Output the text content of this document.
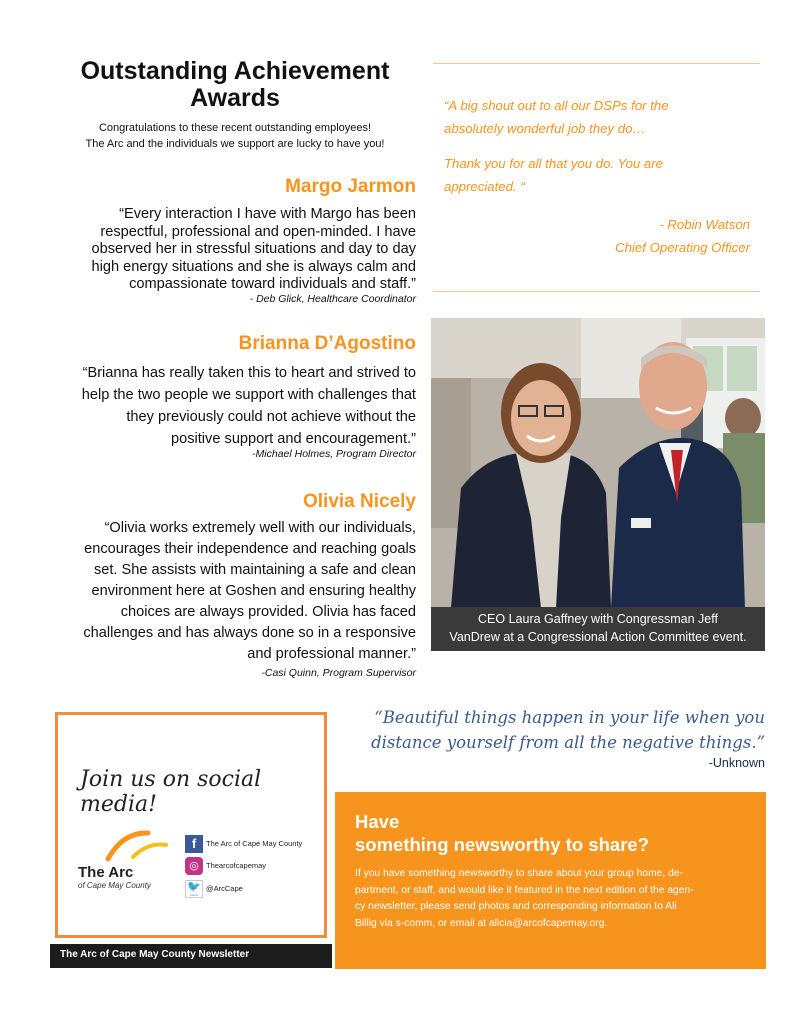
Outstanding Achievement
Awards
Congratulations to these recent outstanding employees!
The Arc and the individuals we support are lucky to have you!
Margo Jarmon
“Every interaction I have with Margo has been
respectful, professional and open-minded. I have
observed her in stressful situations and day to day
high energy situations and she is always calm and
compassionate toward individuals and staff.”
- Deb Glick, Healthcare Coordinator
Brianna D’Agostino
“Brianna has really taken this to heart and strived to
help the two people we support with challenges that
they previously could not achieve without the
positive support and encouragement.”
-Michael Holmes, Program Director
Olivia Nicely
“Olivia works extremely well with our individuals,
encourages their independence and reaching goals
set. She assists with maintaining a safe and clean
environment here at Goshen and ensuring healthy
choices are always provided. Olivia has faced
challenges and has always done so in a responsive
and professional manner.”
-Casi Quinn, Program Supervisor
“A big shout out to all our DSPs for the
absolutely wonderful job they do…
Thank you for all that you do. You are
appreciated. “
- Robin Watson
Chief Operating Officer
CEO Laura Gaffney with Congressman Jeff
VanDrew at a Congressional Action Committee event.
Join us on social media!
The Arc
of Cape May County
f	The Arc of Cape May County
◎ Thearcofcapemay
🐦
follow
@ArcCape
The Arc of Cape May County Newsletter
“Beautiful things happen in your life when you
distance yourself from all the negative things.”
-Unknown
Have
something newsworthy to share?
If you have something newsworthy to share about your group home, de-
partment, or staff, and would like it featured in the next edition of the agen-
cy newsletter, please send photos and corresponding information to Ali
Billig via s-comm, or email at alicia@arcofcapemay.org.
